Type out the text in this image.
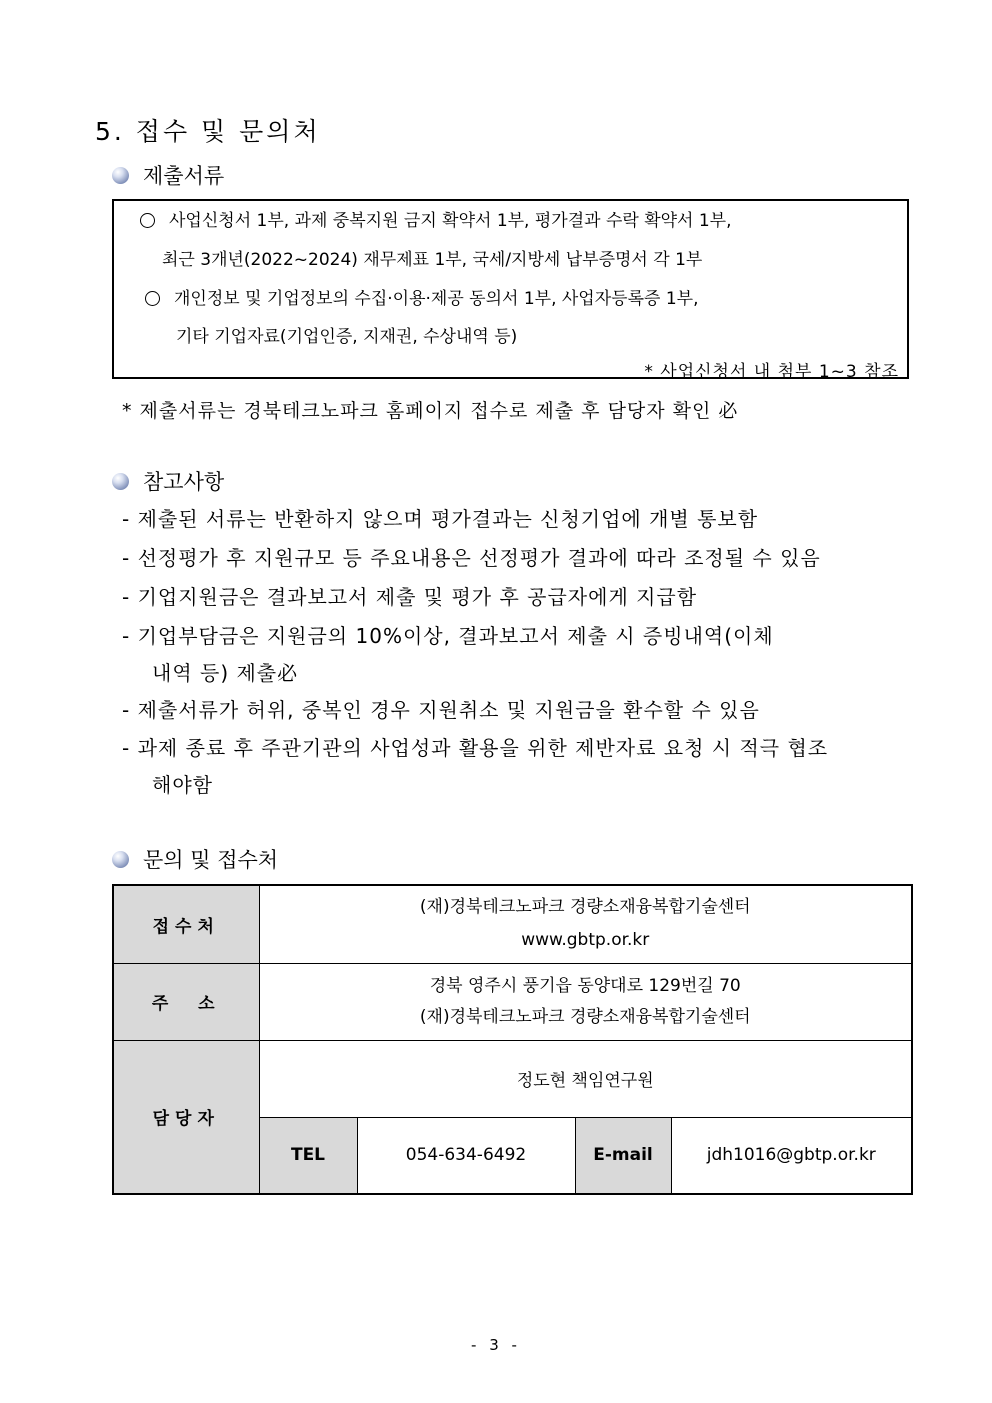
5. 접수 및 문의처
제출서류
사업신청서 1부, 과제 중복지원 금지 확약서 1부, 평가결과 수락 확약서 1부,
최근 3개년(2022~2024) 재무제표 1부, 국세/지방세 납부증명서 각 1부
개인정보 및 기업정보의 수집·이용·제공 동의서 1부, 사업자등록증 1부,
기타 기업자료(기업인증, 지재권, 수상내역 등)
* 사업신청서 내 첨부 1~3 참조
* 제출서류는 경북테크노파크 홈페이지 접수로 제출 후 담당자 확인 必
참고사항
- 제출된 서류는 반환하지 않으며 평가결과는 신청기업에 개별 통보함
- 선정평가 후 지원규모 등 주요내용은 선정평가 결과에 따라 조정될 수 있음
- 기업지원금은 결과보고서 제출 및 평가 후 공급자에게 지급함
- 기업부담금은 지원금의 10%이상, 결과보고서 제출 시 증빙내역(이체
내역 등) 제출必
- 제출서류가 허위, 중복인 경우 지원취소 및 지원금을 환수할 수 있음
- 과제 종료 후 주관기관의 사업성과 활용을 위한 제반자료 요청 시 적극 협조
해야함
문의 및 접수처
접수처	(재)경북테크노파크 경량소재융복합기술센터
www.gbtp.or.kr			

주  소	경북 영주시 풍기읍 동양대로 129번길 70
(재)경북테크노파크 경량소재융복합기술센터			

담당자	정도현 책임연구원			
	TEL	054-634-6492	E-mail	jdh1016@gbtp.or.kr
- 3 -
